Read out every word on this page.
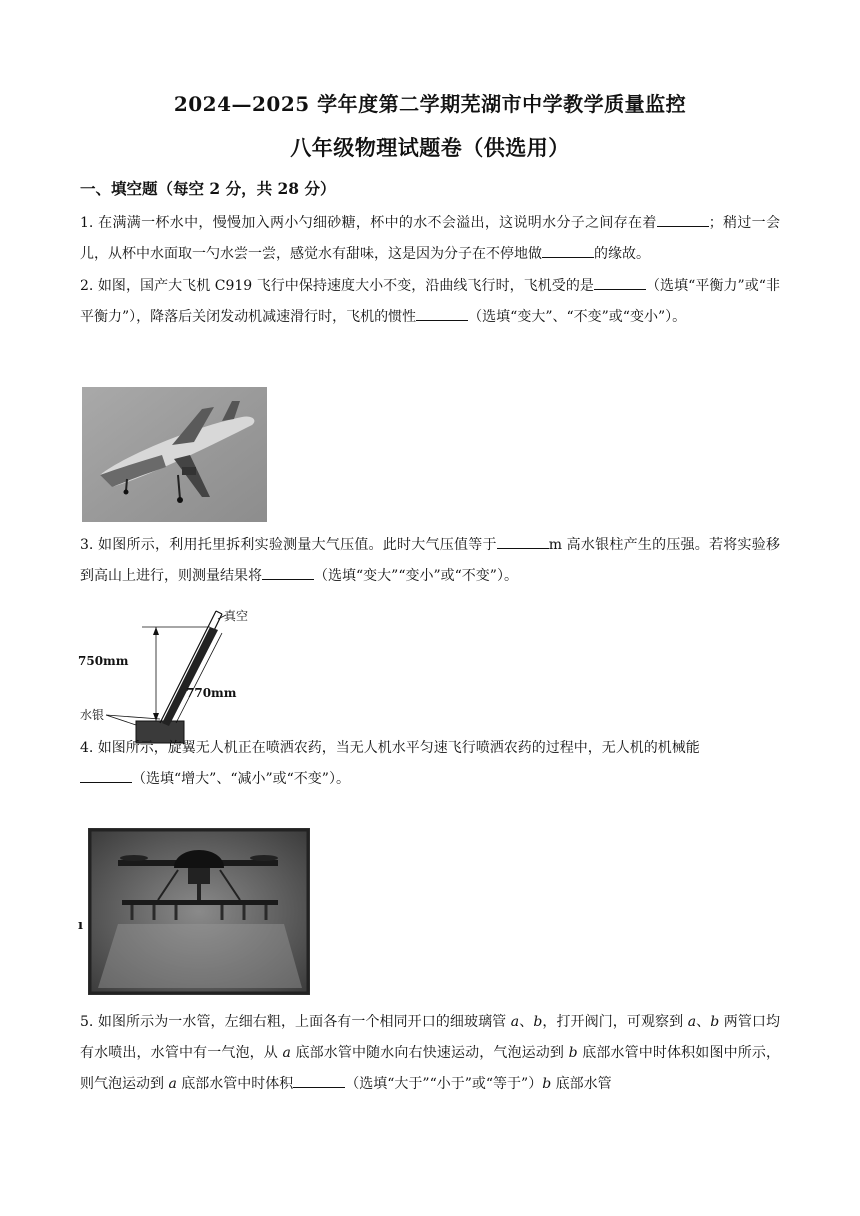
2024—2025 学年度第二学期芜湖市中学教学质量监控
八年级物理试题卷（供选用）
一、填空题（每空 2 分，共 28 分）
1. 在满满一杯水中，慢慢加入两小勺细砂糖，杯中的水不会溢出，这说明水分子之间存在着	；稍过一会儿，从杯中水面取一勺水尝一尝，感觉水有甜味，这是因为分子在不停地做	的缘故。
2. 如图，国产大飞机 C919 飞行中保持速度大小不变，沿曲线飞行时，飞机受的是	（选填“平衡力”或“非平衡力”），降落后关闭发动机减速滑行时，飞机的惯性	（选填“变大”、“不变”或“变小”）。
3. 如图所示，利用托里拆利实验测量大气压值。此时大气压值等于	m 高水银柱产生的压强。若将实验移到高山上进行，则测量结果将	（选填“变大”“变小”或“不变”）。
真空
750mm
770mm
水银
4. 如图所示，旋翼无人机正在喷洒农药，当无人机水平匀速飞行喷洒农药的过程中，无人机的机械能
（选填“增大”、“减小”或“不变”）。
ı
5. 如图所示为一水管，左细右粗，上面各有一个相同开口的细玻璃管 a、b，打开阀门，可观察到 a、b 两管口均有水喷出，水管中有一气泡，从 a 底部水管中随水向右快速运动，气泡运动到 b 底部水管中时体积如图中所示，则气泡运动到 a 底部水管中时体积	（选填“大于”“小于”或“等于”）b 底部水管
